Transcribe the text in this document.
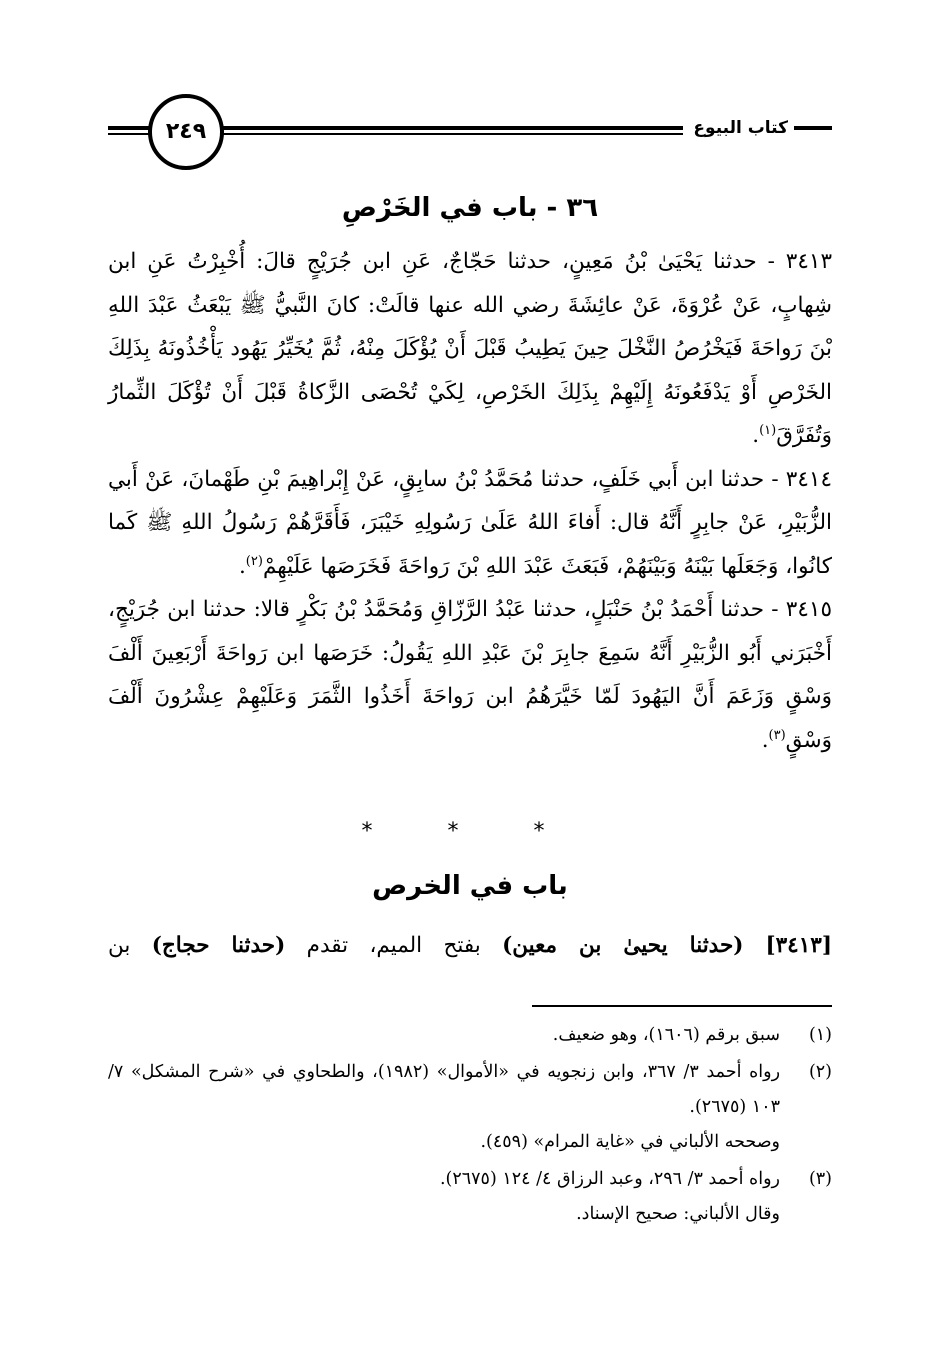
كتاب البيوع
٢٤٩
٣٦ - باب في الخَرْصِ

٣٤١٣ - حدثنا يَحْيَىٰ بْنُ مَعِينٍ، حدثنا حَجّاجٌ، عَنِ ابن جُرَيْجٍ قالَ: أُخْبِرْتُ عَنِ ابن شِهابٍ، عَنْ عُرْوَةَ، عَنْ عائِشَةَ رضي الله عنها قالَتْ: كانَ النَّبيُّ ﷺ يَبْعَثُ عَبْدَ اللهِ بْنَ رَواحَةَ فَيَخْرُصُ النَّخْلَ حِينَ يَطِيبُ قَبْلَ أَنْ يُؤْكَلَ مِنْهُ، ثُمَّ يُخَيِّرُ يَهُود يَأْخُذُونَهُ بِذَلِكَ الخَرْصِ أَوْ يَدْفَعُونَهُ إِلَيْهِمْ بِذَلِكَ الخَرْصِ، لِكَيْ تُحْصَى الزَّكاةُ قَبْلَ أَنْ تُؤْكَلَ الثِّمارُ وَتُفَرَّقَ$^{(١)}$.

٣٤١٤ - حدثنا ابن أَبي خَلَفٍ، حدثنا مُحَمَّدُ بْنُ سابِقٍ، عَنْ إِبْراهِيمَ بْنِ طَهْمانَ، عَنْ أَبي الزُّبَيْرِ، عَنْ جابِرٍ أَنَّهُ قال: أَفاءَ اللهُ عَلَىٰ رَسُولِهِ خَيْبَرَ، فَأَقَرَّهُمْ رَسُولُ اللهِ ﷺ كَما كانُوا، وَجَعَلَها بَيْنَهُ وَبَيْنَهُمْ، فَبَعَثَ عَبْدَ اللهِ بْنَ رَواحَةَ فَخَرَصَها عَلَيْهِمْ$^{(٢)}$.

٣٤١٥ - حدثنا أَحْمَدُ بْنُ حَنْبَلٍ، حدثنا عَبْدُ الرَّزّاقِ وَمُحَمَّدُ بْنُ بَكْرٍ قالا: حدثنا ابن جُرَيْجٍ، أَخْبَرَني أَبُو الزُّبَيْرِ أَنَّهُ سَمِعَ جابِرَ بْنَ عَبْدِ اللهِ يَقُولُ: خَرَصَها ابن رَواحَةَ أَرْبَعِينَ أَلْفَ وَسْقٍ وَزَعَمَ أَنَّ اليَهُودَ لَمّا خَيَّرَهُمُ ابن رَواحَةَ أَخَذُوا الثَّمَرَ وَعَلَيْهِمْ عِشْرُونَ أَلْفَ وَسْقٍ$^{(٣)}$.

* * *
باب في الخرص
[٣٤١٣] (حدثنا يحيىٰ بن معين) بفتح الميم، تقدم (حدثنا حجاج) بن
(١)
سبق برقم (١٦٠٦)، وهو ضعيف.
(٢)
رواه أحمد ٣/ ٣٦٧، وابن زنجويه في «الأموال» (١٩٨٢)، والطحاوي في «شرح المشكل» ٧/ ١٠٣ (٢٦٧٥).
وصححه الألباني في «غاية المرام» (٤٥٩).
(٣)
رواه أحمد ٣/ ٢٩٦، وعبد الرزاق ٤/ ١٢٤ (٢٦٧٥).
وقال الألباني: صحيح الإسناد.
